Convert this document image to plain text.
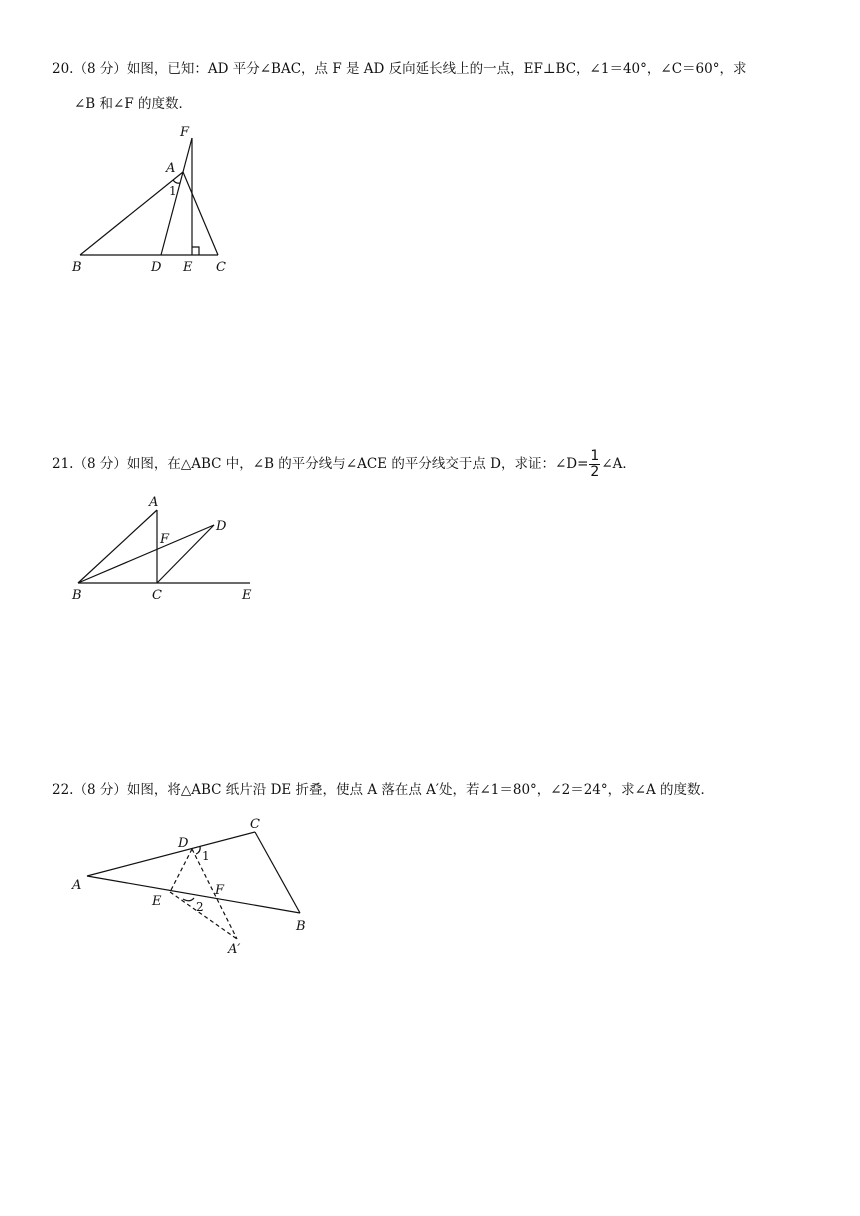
20.（8 分）如图，已知：AD 平分∠BAC，点 F 是 AD 反向延长线上的一点，EF⊥BC，∠1＝40°，∠C＝60°，求
∠B 和∠F 的度数．
F
A
1
B	D E C
21.（8 分）如图，在△ABC 中，∠B 的平分线与∠ACE 的平分线交于点 D，求证：∠D= $\frac{1}{2}$ ∠A．
A
D
F
B	C	E
22.（8 分）如图，将△ABC 纸片沿 DE 折叠，使点 A 落在点 A′处，若∠1＝80°，∠2＝24°，求∠A 的度数．
C
D
1
A	F
E	2
B
A′
